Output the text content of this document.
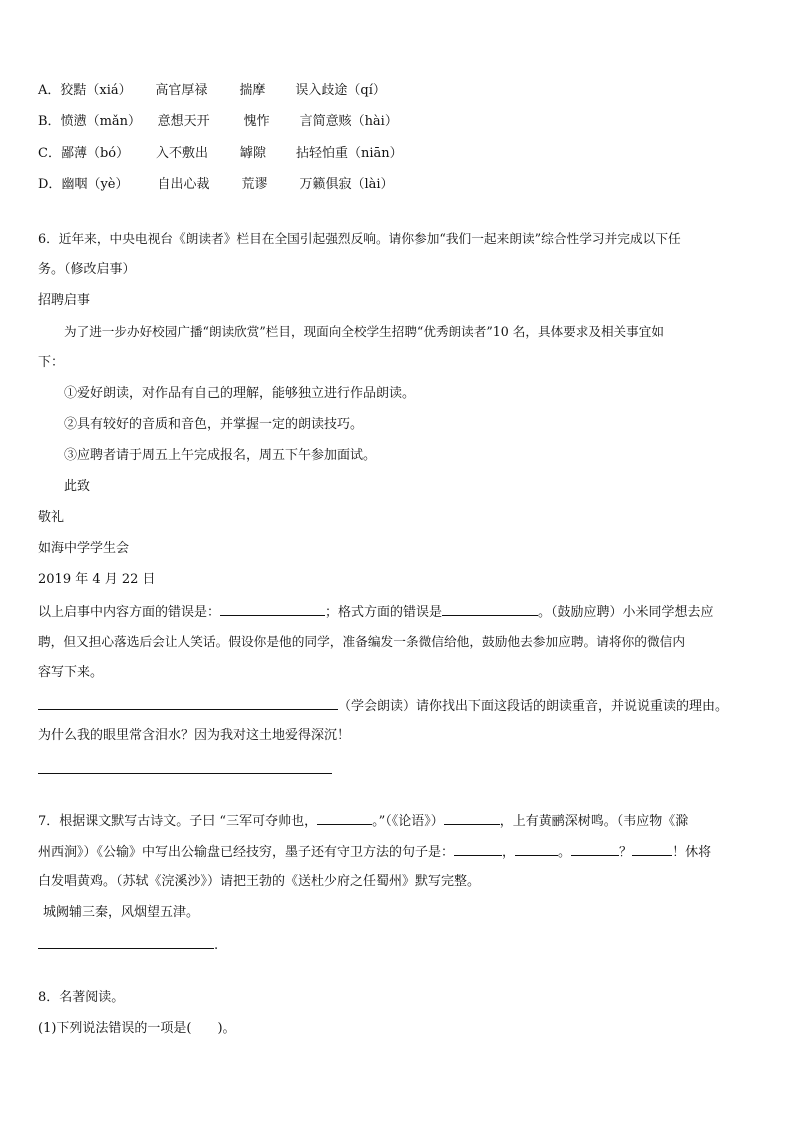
A．狡黠（xiá） 高官厚禄 揣摩 误入歧途（qí）
B．愤懑（mǎn） 意想天开	愧怍 言简意赅（hài）
C．鄙薄（bó） 入不敷出 罅隙 拈轻怕重（niān）
D．幽咽（yè） 自出心裁 荒谬 万籁俱寂（lài）
6．近年来，中央电视台《朗读者》栏目在全国引起强烈反响。请你参加“我们一起来朗读”综合性学习并完成以下任
务。（修改启事）
招聘启事
为了进一步办好校园广播“朗读欣赏”栏目，现面向全校学生招聘“优秀朗读者”10 名，具体要求及相关事宜如
下：
①爱好朗读，对作品有自己的理解，能够独立进行作品朗读。
②具有较好的音质和音色，并掌握一定的朗读技巧。
③应聘者请于周五上午完成报名，周五下午参加面试。
此致
敬礼
如海中学学生会
2019 年 4 月 22 日
以上启事中内容方面的错误是：	；格式方面的错误是	。（鼓励应聘）小米同学想去应
聘，但又担心落选后会让人笑话。假设你是他的同学，准备编发一条微信给他，鼓励他去参加应聘。请将你的微信内
容写下来。
（学会朗读）请你找出下面这段话的朗读重音，并说说重读的理由。
为什么我的眼里常含泪水？因为我对这土地爱得深沉！
7．根据课文默写古诗文。子曰 “三军可夺帅也，	。”（《论语》）	，上有黄鹂深树鸣。（韦应物《滁
州西涧》）《公输》中写出公输盘已经技穷，墨子还有守卫方法的句子是：	，	。	？	！休将
白发唱黄鸡。（苏轼《浣溪沙》）请把王勃的《送杜少府之任蜀州》默写完整。
城阙辅三秦，风烟望五津。
.
8．名著阅读。
(1)下列说法错误的一项是(　　)。
